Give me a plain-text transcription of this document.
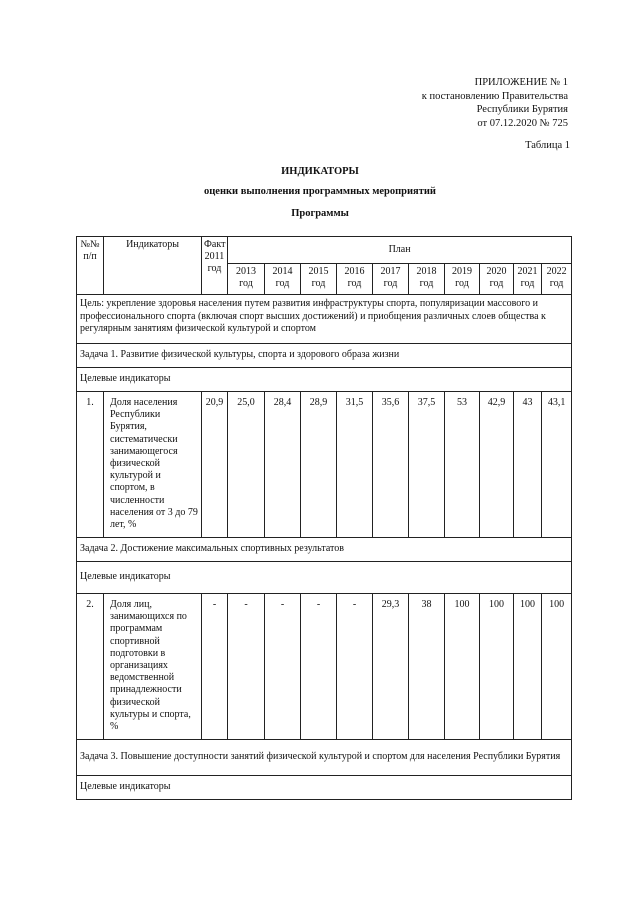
ПРИЛОЖЕНИЕ № 1
к постановлению Правительства
Республики Бурятия
от 07.12.2020 № 725
Таблица 1
ИНДИКАТОРЫ
оценки выполнения программных мероприятий
Программы
№№ п/п	Индикаторы	Факт 2011 год	План									
			2013 год	2014 год	2015 год	2016 год	2017 год	2018 год	2019 год	2020 год	2021 год	2022 год
Цель: укрепление здоровья населения путем развития инфраструктуры спорта, популяризации массового и профессионального спорта (включая спорт высших достижений) и приобщения различных слоев общества к регулярным занятиям физической культурой и спортом												
Задача 1. Развитие физической культуры, спорта и здорового образа жизни												
Целевые индикаторы												
1.	Доля населения Республики Бурятия, систематически занимающегося физической культурой и спортом, в численности населения от 3 до 79 лет, %	20,9	25,0	28,4	28,9	31,5	35,6	37,5	53	42,9	43	43,1
Задача 2. Достижение максимальных спортивных результатов												
Целевые индикаторы												
2.	Доля лиц, занимающихся по программам спортивной подготовки в организациях ведомственной принадлежности физической культуры и спорта, %	-	-	-	-	-	29,3	38	100	100	100	100
Задача 3. Повышение доступности занятий физической культурой и спортом для населения Республики Бурятия												
Целевые индикаторы												
